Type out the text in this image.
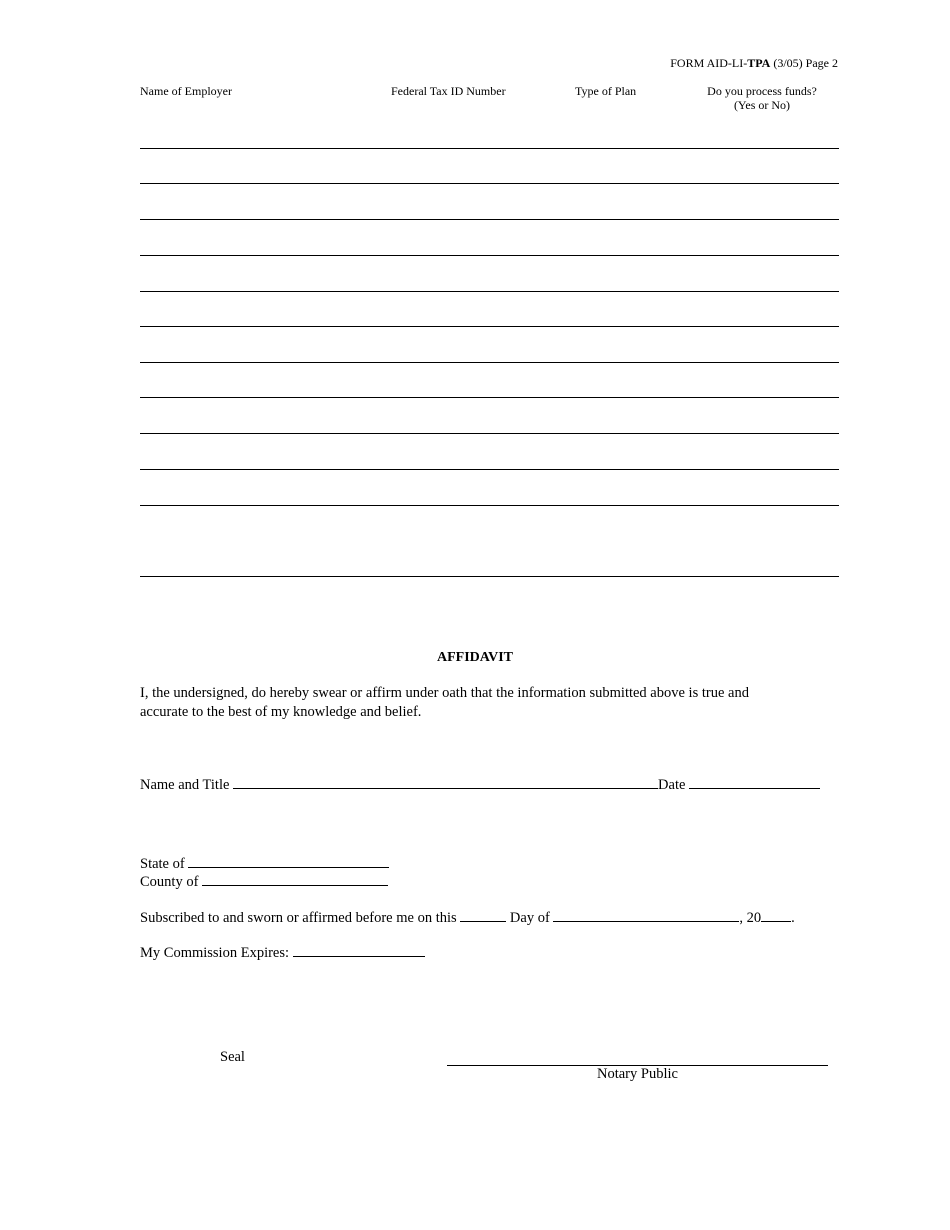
FORM AID-LI-TPA (3/05) Page 2
Name of Employer	Federal Tax ID Number	Type of Plan	Do you process funds?
(Yes or No)
AFFIDAVIT
I, the undersigned, do hereby swear or affirm under oath that the information submitted above is true and
accurate to the best of my knowledge and belief.
Name and Title	Date
State of
County of
Subscribed to and sworn or affirmed before me on this	Day of	, 20 .
My Commission Expires:
Seal
Notary Public
